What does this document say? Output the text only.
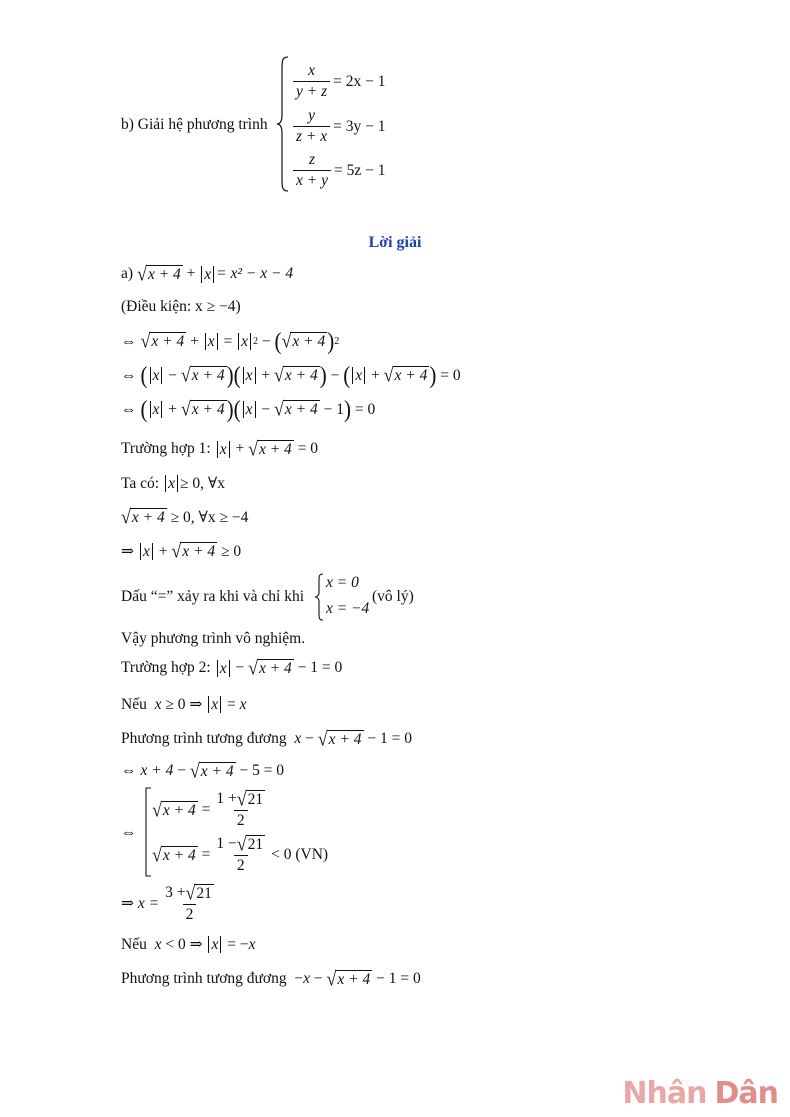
b) Giải hệ phương trình
$\frac{x}{y + z} = 2x - 1$
$\frac{y}{z + x} = 3y - 1$
$\frac{z}{x + y} = 5z - 1$
Lời giải
a) √ x + 4 + x = x² − x − 4
(Điều kiện: x ≥ −4)
⇔ √ x + 4 + x = x 2 − ( √ x + 4 ) 2
⇔ ( x − √ x + 4 ) ( x + √ x + 4 ) − ( x + √ x + 4 ) = 0
⇔ ( x + √ x + 4 ) ( x − √ x + 4 − 1 ) = 0
Trường hợp 1: x + √ x + 4 = 0
Ta có: x ≥ 0, ∀x
√ x + 4
≥ 0, ∀x ≥ −4
⇒ x + √ x + 4
≥ 0
Dấu “=” xảy ra khi và chỉ khi
x = 0
x = −4
(vô lý)
Vậy phương trình vô nghiệm.
Trường hợp 2: x − √ x + 4 − 1 = 0
Nếu
x ≥ 0 ⇒ x = x
Phương trình tương đương
x − √ x + 4 − 1 = 0
⇔ x + 4 − √ x + 4 − 5 = 0
⇔
√ $x + 4 = \frac{1 + √ 21}{2}$
√ $x + 4 = \frac{1 - √ 21}{2} < 0$ (VN)
⇒
$x = \frac{3 + √ 21}{2}$
Nếu
x < 0 ⇒ x = − x
Phương trình tương đương − x − √ x + 4 − 1 = 0
Nhân Dân
